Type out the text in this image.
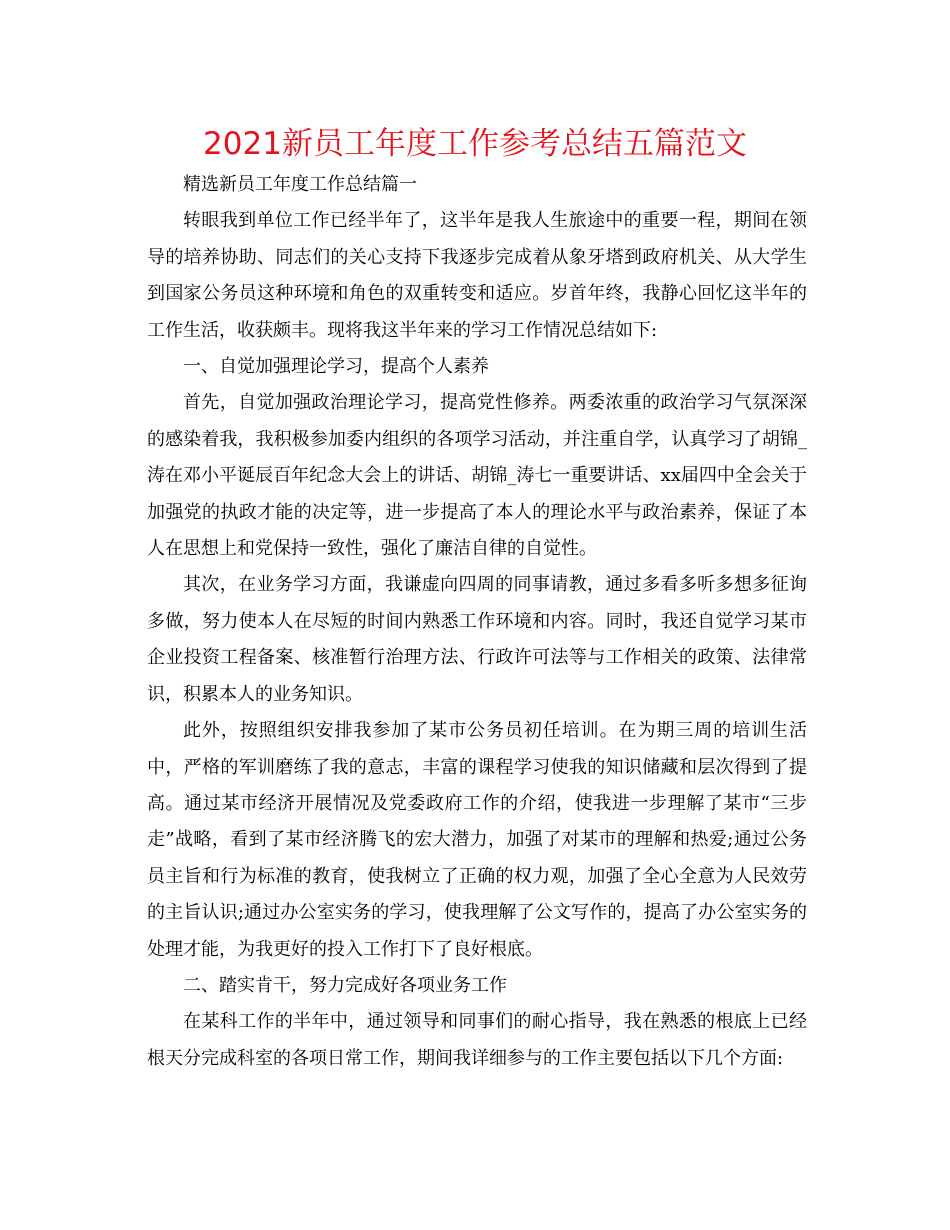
2021新员工年度工作参考总结五篇范文

精选新员工年度工作总结篇一

转眼我到单位工作已经半年了，这半年是我人生旅途中的重要一程，期间在领导的培养协助、同志们的关心支持下我逐步完成着从象牙塔到政府机关、从大学生到国家公务员这种环境和角色的双重转变和适应。岁首年终，我静心回忆这半年的工作生活，收获颇丰。现将我这半年来的学习工作情况总结如下:

一、自觉加强理论学习，提高个人素养

首先，自觉加强政治理论学习，提高党性修养。两委浓重的政治学习气氛深深的感染着我，我积极参加委内组织的各项学习活动，并注重自学，认真学习了胡锦_涛在邓小平诞辰百年纪念大会上的讲话、胡锦_涛七一重要讲话、xx届四中全会关于加强党的执政才能的决定等，进一步提高了本人的理论水平与政治素养，保证了本人在思想上和党保持一致性，强化了廉洁自律的自觉性。

其次，在业务学习方面，我谦虚向四周的同事请教，通过多看多听多想多征询多做，努力使本人在尽短的时间内熟悉工作环境和内容。同时，我还自觉学习某市企业投资工程备案、核准暂行治理方法、行政许可法等与工作相关的政策、法律常识，积累本人的业务知识。

此外，按照组织安排我参加了某市公务员初任培训。在为期三周的培训生活中，严格的军训磨练了我的意志，丰富的课程学习使我的知识储藏和层次得到了提高。通过某市经济开展情况及党委政府工作的介绍，使我进一步理解了某市“三步走”战略，看到了某市经济腾飞的宏大潜力，加强了对某市的理解和热爱;通过公务员主旨和行为标准的教育，使我树立了正确的权力观，加强了全心全意为人民效劳的主旨认识;通过办公室实务的学习，使我理解了公文写作的，提高了办公室实务的处理才能，为我更好的投入工作打下了良好根底。

二、踏实肯干，努力完成好各项业务工作

在某科工作的半年中，通过领导和同事们的耐心指导，我在熟悉的根底上已经根天分完成科室的各项日常工作，期间我详细参与的工作主要包括以下几个方面:
